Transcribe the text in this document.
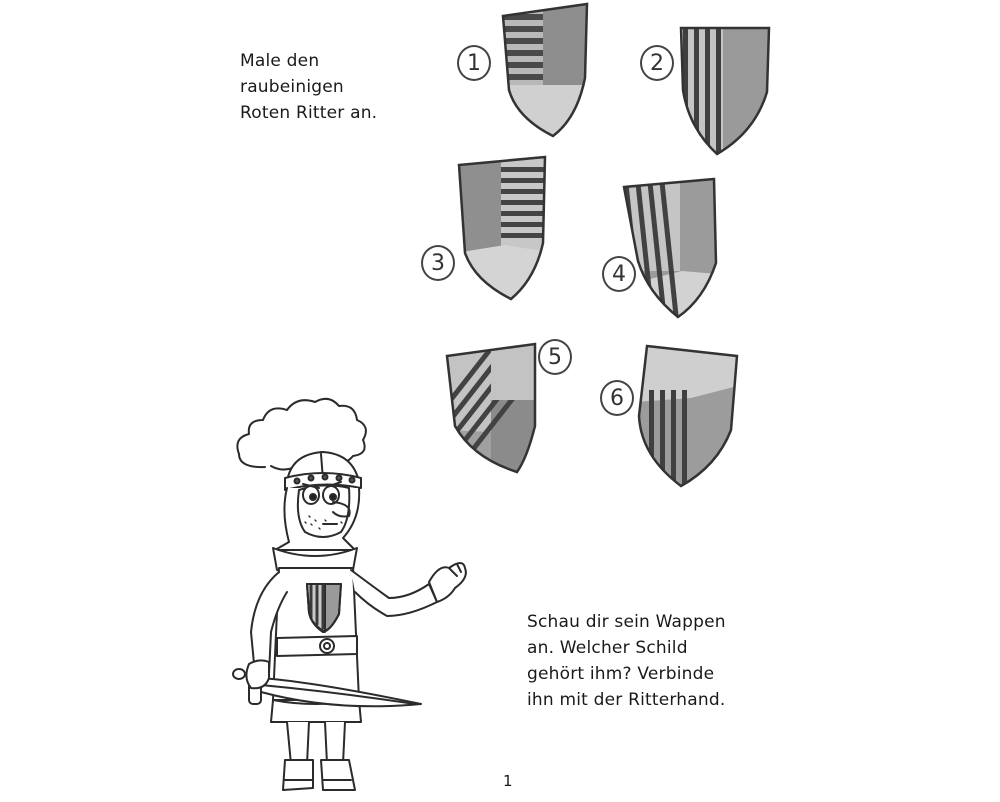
Male den
raubeinigen
Roten Ritter an.
Schau dir sein Wappen
an. Welcher Schild
gehört ihm? Verbinde
ihn mit der Ritterhand.
1	2
3	4
5
6
1
